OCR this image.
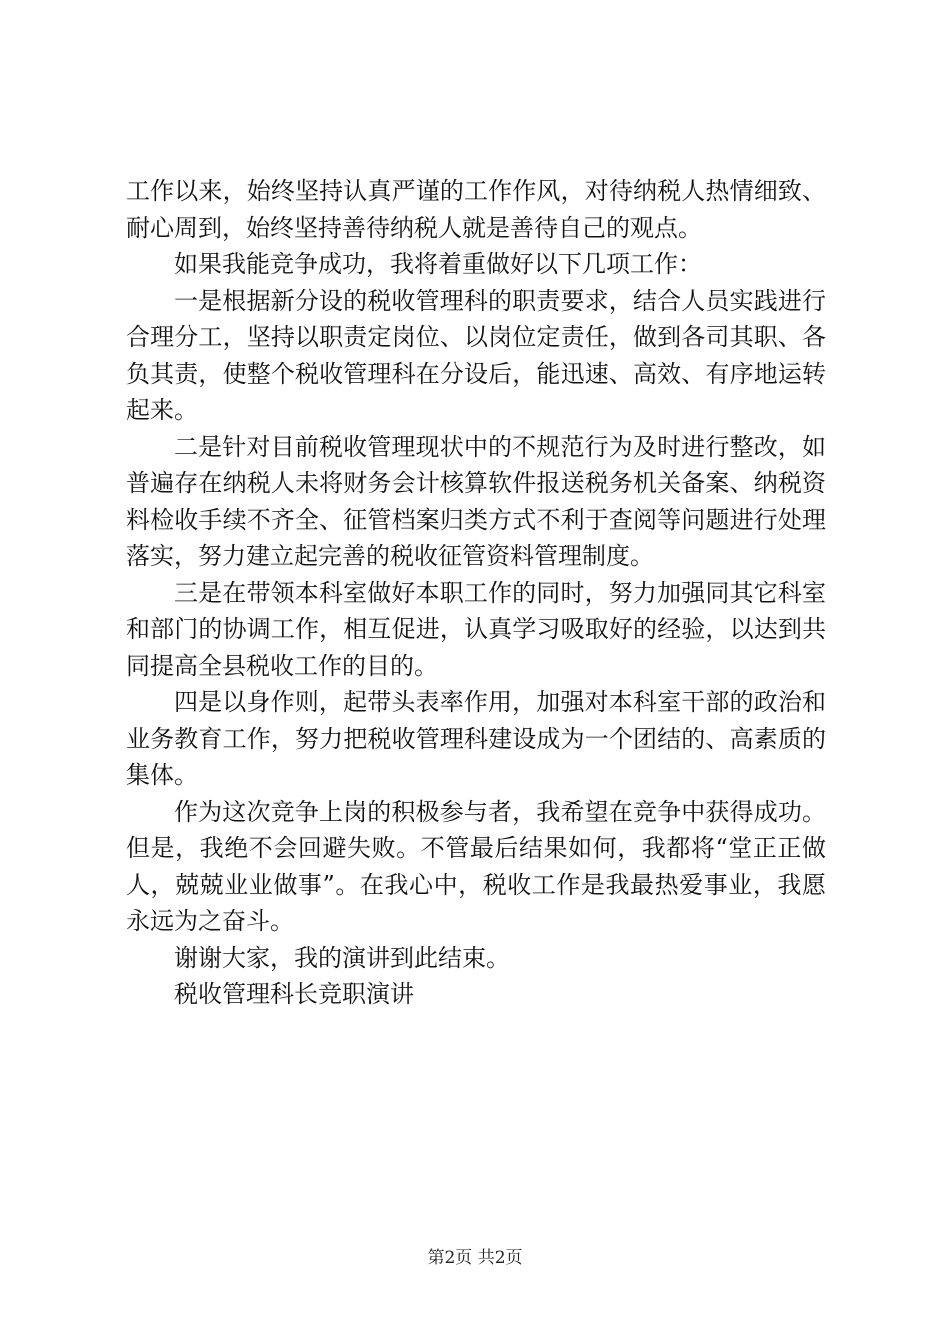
工作以来，始终坚持认真严谨的工作作风，对待纳税人热情细致、耐心周到，始终坚持善待纳税人就是善待自己的观点。

如果我能竞争成功，我将着重做好以下几项工作：

一是根据新分设的税收管理科的职责要求，结合人员实践进行合理分工，坚持以职责定岗位、以岗位定责任，做到各司其职、各负其责，使整个税收管理科在分设后，能迅速、高效、有序地运转起来。

二是针对目前税收管理现状中的不规范行为及时进行整改，如普遍存在纳税人未将财务会计核算软件报送税务机关备案、纳税资料检收手续不齐全、征管档案归类方式不利于查阅等问题进行处理落实，努力建立起完善的税收征管资料管理制度。

三是在带领本科室做好本职工作的同时，努力加强同其它科室和部门的协调工作，相互促进，认真学习吸取好的经验，以达到共同提高全县税收工作的目的。

四是以身作则，起带头表率作用，加强对本科室干部的政治和业务教育工作，努力把税收管理科建设成为一个团结的、高素质的集体。

作为这次竞争上岗的积极参与者，我希望在竞争中获得成功。但是，我绝不会回避失败。不管最后结果如何，我都将“堂正正做人，兢兢业业做事”。在我心中，税收工作是我最热爱事业，我愿永远为之奋斗。

谢谢大家，我的演讲到此结束。

税收管理科长竞职演讲

第2页 共2页
